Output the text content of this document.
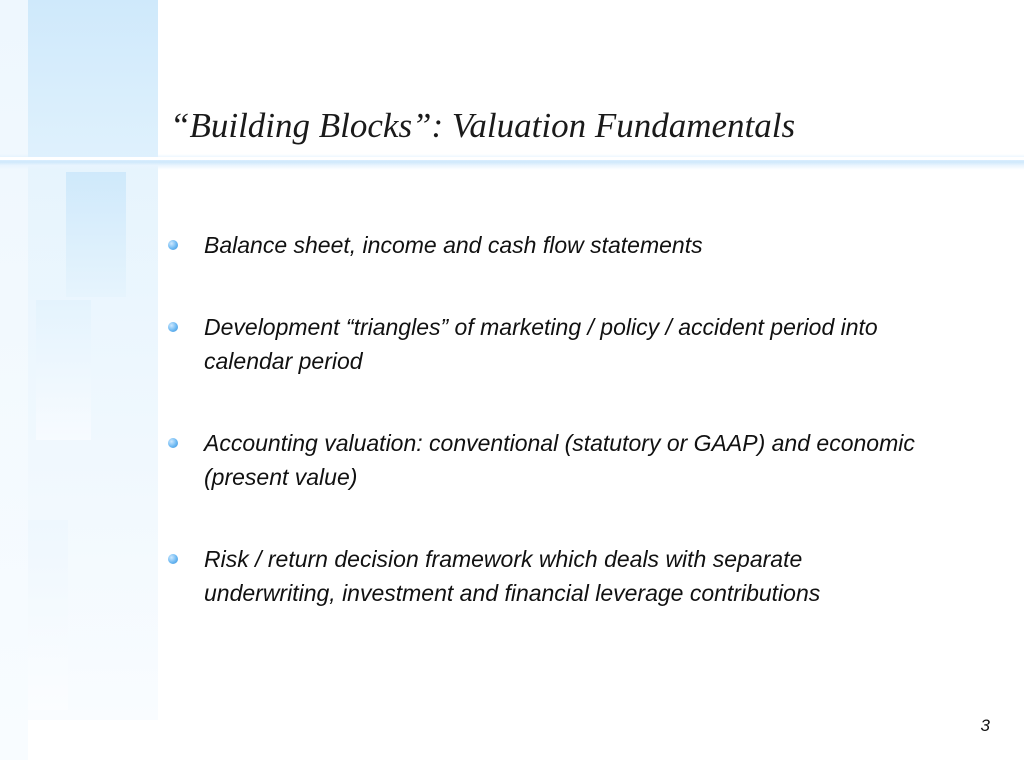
“Building Blocks”: Valuation Fundamentals
Balance sheet, income and cash flow statements
Development “triangles” of marketing / policy / accident period into calendar period
Accounting valuation: conventional (statutory or GAAP) and economic (present value)
Risk / return decision framework which deals with separate underwriting, investment and financial leverage contributions
3
